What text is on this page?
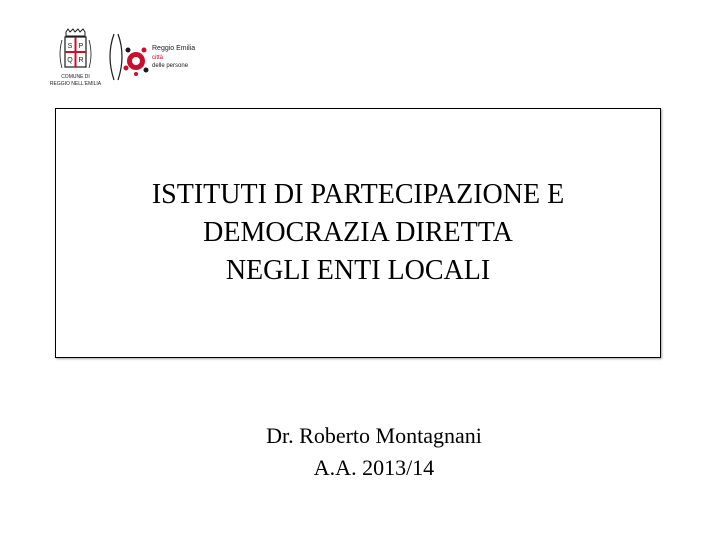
S P
Q R
COMUNE DI
REGGIO NELL'EMILIA
Reggio Emilia
città
delle persone
ISTITUTI DI PARTECIPAZIONE E
DEMOCRAZIA DIRETTA
NEGLI ENTI LOCALI
Dr. Roberto Montagnani
A.A. 2013/14
